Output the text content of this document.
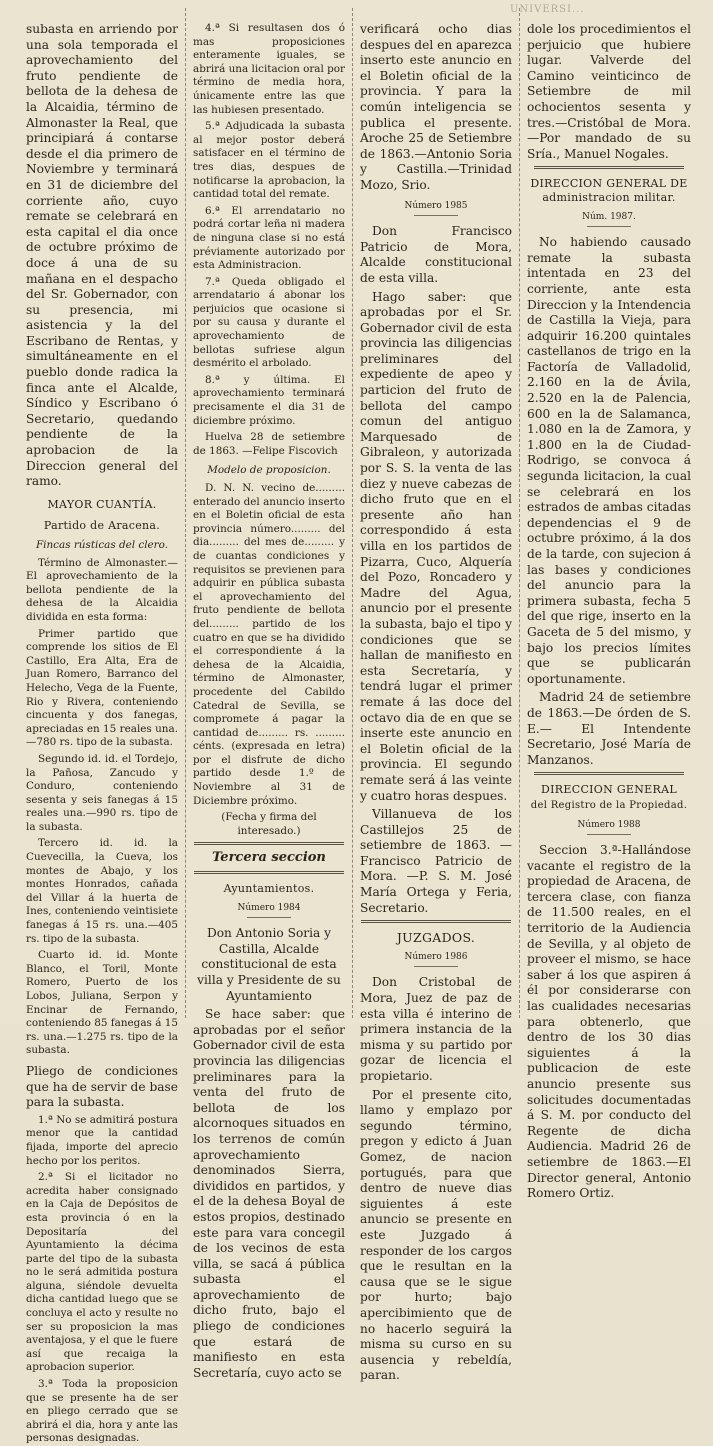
UNIVERSI...

subasta en arriendo por una sola temporada el aprovechamiento del fruto pendiente de bellota de la dehesa de la Alcaidia, término de Almonaster la Real, que principiará á contarse desde el dia primero de Noviembre y terminará en 31 de diciembre del corriente año, cuyo remate se celebrará en esta capital el dia once de octubre próximo de doce á una de su mañana en el despacho del Sr. Gobernador, con su presencia, mi asistencia y la del Escribano de Rentas, y simultáneamente en el pueblo donde radica la finca ante el Alcalde, Síndico y Escribano ó Secretario, quedando pendiente de la aprobacion de la Direccion general del ramo.

MAYOR CUANTÍA.
Partido de Aracena.
Fincas rústicas del clero.

Término de Almonaster.—El aprovechamiento de la bellota pendiente de la dehesa de la Alcaidia dividida en esta forma:

Primer partido que comprende los sitios de El Castillo, Era Alta, Era de Juan Romero, Barranco del Helecho, Vega de la Fuente, Rio y Rivera, conteniendo cincuenta y dos fanegas, apreciadas en 15 reales una.—780 rs. tipo de la subasta.

Segundo id. id. el Tordejo, la Pañosa, Zancudo y Conduro, conteniendo sesenta y seis fanegas á 15 reales una.—990 rs. tipo de la subasta.

Tercero id. id. la Cuevecilla, la Cueva, los montes de Abajo, y los montes Honrados, cañada del Villar á la huerta de Ines, conteniendo veintisiete fanegas á 15 rs. una.—405 rs. tipo de la subasta.

Cuarto id. id. Monte Blanco, el Toril, Monte Romero, Puerto de los Lobos, Juliana, Serpon y Encinar de Fernando, conteniendo 85 fanegas á 15 rs. una.—1.275 rs. tipo de la subasta.

Pliego de condiciones que ha de servir de base para la subasta.

1.ª No se admitirá postura menor que la cantidad fijada, importe del aprecio hecho por los peritos.

2.ª Si el licitador no acredita haber consignado en la Caja de Depósitos de esta provincia ó en la Depositaría del Ayuntamiento la décima parte del tipo de la subasta no le será admitida postura alguna, siéndole devuelta dicha cantidad luego que se concluya el acto y resulte no ser su proposicion la mas aventajosa, y el que le fuere así que recaiga la aprobacion superior.

3.ª Toda la proposicion que se presente ha de ser en pliego cerrado que se abrirá el dia, hora y ante las personas designadas.

4.ª Si resultasen dos ó mas proposiciones enteramente iguales, se abrirá una licitacion oral por término de media hora, únicamente entre las que las hubiesen presentado.

5.ª Adjudicada la subasta al mejor postor deberá satisfacer en el término de tres dias, despues de notificarse la aprobacion, la cantidad total del remate.

6.ª El arrendatario no podrá cortar leña ni madera de ninguna clase si no está préviamente autorizado por esta Administracion.

7.ª Queda obligado el arrendatario á abonar los perjuicios que ocasione si por su causa y durante el aprovechamiento de bellotas sufriese algun desmérito el arbolado.

8.ª y última. El aprovechamiento terminará precisamente el dia 31 de diciembre próximo.

Huelva 28 de setiembre de 1863. —Felipe Fiscovich

Modelo de proposicion.

D. N. N. vecino de......... enterado del anuncio inserto en el Boletin oficial de esta provincia número......... del dia......... del mes de......... y de cuantas condiciones y requisitos se previenen para adquirir en pública subasta el aprovechamiento del fruto pendiente de bellota del......... partido de los cuatro en que se ha dividido el correspondiente á la dehesa de la Alcaidia, término de Almonaster, procedente del Cabildo Catedral de Sevilla, se compromete á pagar la cantidad de......... rs. ......... cénts. (expresada en letra) por el disfrute de dicho partido desde 1.º de Noviembre al 31 de Diciembre próximo.

(Fecha y firma del interesado.)

Tercera seccion
Ayuntamientos.
Número 1984

Don Antonio Soria y Castilla, Alcalde constitucional de esta villa y Presidente de su Ayuntamiento

Se hace saber: que aprobadas por el señor Gobernador civil de esta provincia las diligencias preliminares para la venta del fruto de bellota de los alcornoques situados en los terrenos de común aprovechamiento denominados Sierra, divididos en partidos, y el de la dehesa Boyal de estos propios, destinado este para vara concegil de los vecinos de esta villa, se sacá á pública subasta el aprovechamiento de dicho fruto, bajo el pliego de condiciones que estará de manifiesto en esta Secretaría, cuyo acto se

verificará ocho dias despues del en aparezca inserto este anuncio en el Boletin oficial de la provincia. Y para la común inteligencia se publica el presente. Aroche 25 de Setiembre de 1863.—Antonio Soria y Castilla.—Trinidad Mozo, Srio.

Número 1985

Don Francisco Patricio de Mora, Alcalde constitucional de esta villa.

Hago saber: que aprobadas por el Sr. Gobernador civil de esta provincia las diligencias preliminares del expediente de apeo y particion del fruto de bellota del campo comun del antiguo Marquesado de Gibraleon, y autorizada por S. S. la venta de las diez y nueve cabezas de dicho fruto que en el presente año han correspondido á esta villa en los partidos de Pizarra, Cuco, Alquería del Pozo, Roncadero y Madre del Agua, anuncio por el presente la subasta, bajo el tipo y condiciones que se hallan de manifiesto en esta Secretaría, y tendrá lugar el primer remate á las doce del octavo dia de en que se inserte este anuncio en el Boletin oficial de la provincia. El segundo remate será á las veinte y cuatro horas despues.

Villanueva de los Castillejos 25 de setiembre de 1863. —Francisco Patricio de Mora. —P. S. M. José María Ortega y Feria, Secretario.

JUZGADOS.
Número 1986

Don Cristobal de Mora, Juez de paz de esta villa é interino de primera instancia de la misma y su partido por gozar de licencia el propietario.

Por el presente cito, llamo y emplazo por segundo término, pregon y edicto á Juan Gomez, de nacion portugués, para que dentro de nueve dias siguientes á este anuncio se presente en este Juzgado á responder de los cargos que le resultan en la causa que se le sigue por hurto; bajo apercibimiento que de no hacerlo seguirá la misma su curso en su ausencia y rebeldía, paran.

dole los procedimientos el perjuicio que hubiere lugar. Valverde del Camino veinticinco de Setiembre de mil ochocientos sesenta y tres.—Cristóbal de Mora.—Por mandado de su Sría., Manuel Nogales.

DIRECCION GENERAL DE
administracion militar.
Núm. 1987.

No habiendo causado remate la subasta intentada en 23 del corriente, ante esta Direccion y la Intendencia de Castilla la Vieja, para adquirir 16.200 quintales castellanos de trigo en la Factoría de Valladolid, 2.160 en la de Ávila, 2.520 en la de Palencia, 600 en la de Salamanca, 1.080 en la de Zamora, y 1.800 en la de Ciudad-Rodrigo, se convoca á segunda licitacion, la cual se celebrará en los estrados de ambas citadas dependencias el 9 de octubre próximo, á la dos de la tarde, con sujecion á las bases y condiciones del anuncio para la primera subasta, fecha 5 del que rige, inserto en la Gaceta de 5 del mismo, y bajo los precios límites que se publicarán oportunamente.

Madrid 24 de setiembre de 1863.—De órden de S. E.— El Intendente Secretario, José María de Manzanos.

DIRECCION GENERAL
del Registro de la Propiedad.
Número 1988

Seccion 3.ª-Hallándose vacante el registro de la propiedad de Aracena, de tercera clase, con fianza de 11.500 reales, en el territorio de la Audiencia de Sevilla, y al objeto de proveer el mismo, se hace saber á los que aspiren á él por considerarse con las cualidades necesarias para obtenerlo, que dentro de los 30 dias siguientes á la publicacion de este anuncio presente sus solicitudes documentadas á S. M. por conducto del Regente de dicha Audiencia. Madrid 26 de setiembre de 1863.—El Director general, Antonio Romero Ortiz.
